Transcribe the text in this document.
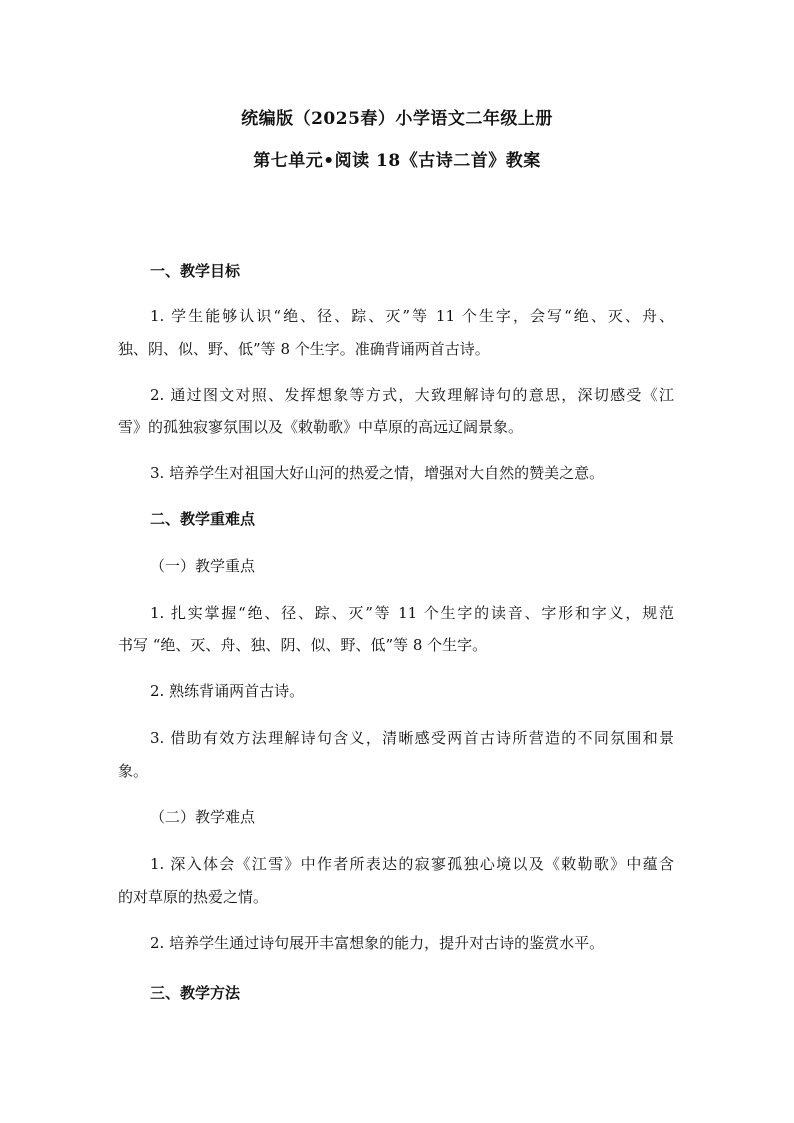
统编版（2025春）小学语文二年级上册
第七单元•阅读 18《古诗二首》教案
一、教学目标
1. 学生能够认识“绝、径、踪、灭”等 11 个生字，会写“绝、灭、舟、
独、阴、似、野、低”等 8 个生字。准确背诵两首古诗。
2. 通过图文对照、发挥想象等方式，大致理解诗句的意思，深切感受《江
雪》的孤独寂寥氛围以及《敕勒歌》中草原的高远辽阔景象。
3. 培养学生对祖国大好山河的热爱之情，增强对大自然的赞美之意。
二、教学重难点
（一）教学重点
1. 扎实掌握“绝、径、踪、灭”等 11 个生字的读音、字形和字义，规范
书写 “绝、灭、舟、独、阴、似、野、低”等 8 个生字。
2. 熟练背诵两首古诗。
3. 借助有效方法理解诗句含义，清晰感受两首古诗所营造的不同氛围和景
象。
（二）教学难点
1. 深入体会《江雪》中作者所表达的寂寥孤独心境以及《敕勒歌》中蕴含
的对草原的热爱之情。
2. 培养学生通过诗句展开丰富想象的能力，提升对古诗的鉴赏水平。
三、教学方法
